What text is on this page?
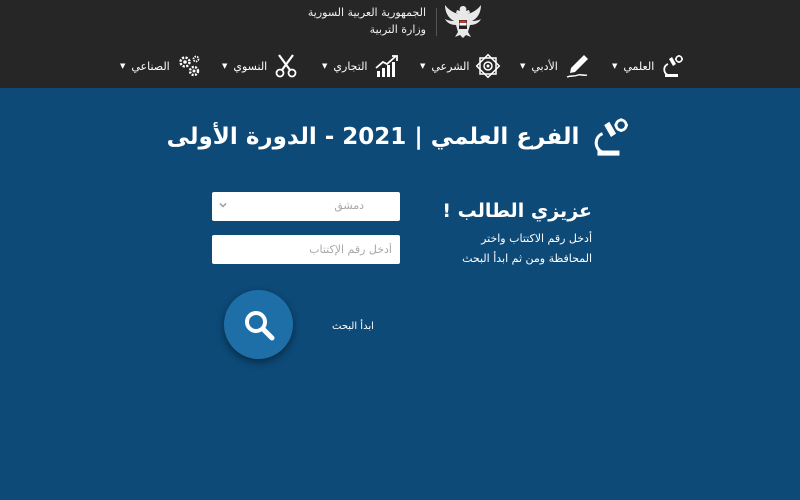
الجمهورية العربية السورية
وزارة التربية
العلمي
▼
الأدبي
▼
الشرعي
▼
التجاري
▼
النسوي
▼
الصناعي
▼
الفرع العلمي | 2021 - الدورة الأولى
عزيزي الطالب !
أدخل رقم الاكتتاب واختر
المحافظة ومن ثم ابدأ البحث
دمشق
أدخل رقم الإكتتاب
ابدأ البحث
